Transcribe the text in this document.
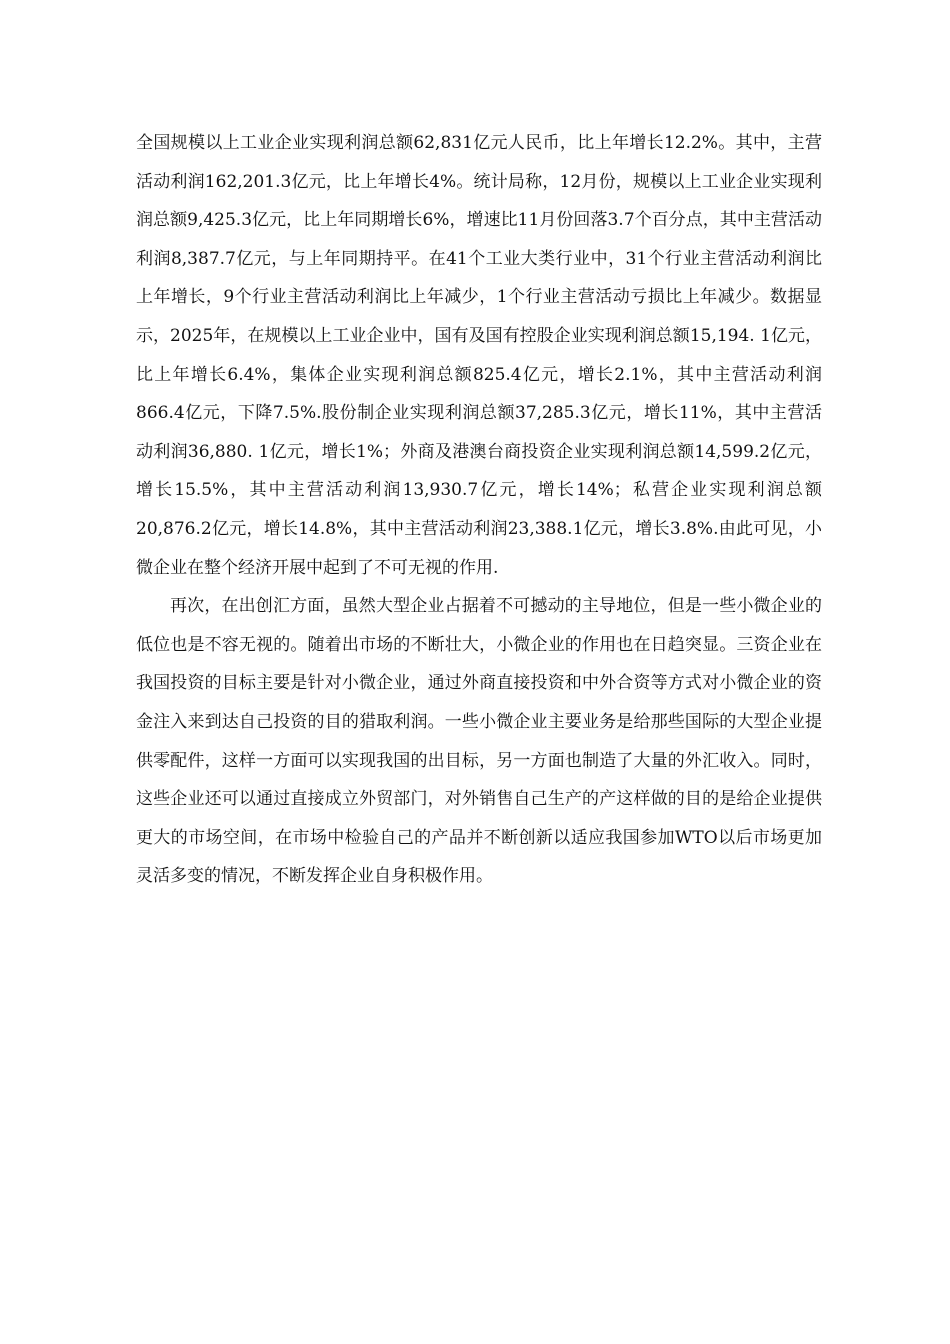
全国规模以上工业企业实现利润总额62,831亿元人民币，比上年增长12.2%。其中，主营活动利润162,201.3亿元，比上年增长4%。统计局称，12月份，规模以上工业企业实现利润总额9,425.3亿元，比上年同期增长6%，增速比11月份回落3.7个百分点，其中主营活动利润8,387.7亿元，与上年同期持平。在41个工业大类行业中，31个行业主营活动利润比上年增长，9个行业主营活动利润比上年减少，1个行业主营活动亏损比上年减少。数据显示，2025年，在规模以上工业企业中，国有及国有控股企业实现利润总额15,194. 1亿元，比上年增长6.4%，集体企业实现利润总额825.4亿元，增长2.1%，其中主营活动利润866.4亿元，下降7.5%.股份制企业实现利润总额37,285.3亿元，增长11%，其中主营活动利润36,880. 1亿元，增长1%；外商及港澳台商投资企业实现利润总额14,599.2亿元，增长15.5%，其中主营活动利润13,930.7亿元，增长14%；私营企业实现利润总额20,876.2亿元，增长14.8%，其中主营活动利润23,388.1亿元，增长3.8%.由此可见，小微企业在整个经济开展中起到了不可无视的作用.

再次，在出创汇方面，虽然大型企业占据着不可撼动的主导地位，但是一些小微企业的低位也是不容无视的。随着出市场的不断壮大，小微企业的作用也在日趋突显。三资企业在我国投资的目标主要是针对小微企业，通过外商直接投资和中外合资等方式对小微企业的资金注入来到达自己投资的目的猎取利润。一些小微企业主要业务是给那些国际的大型企业提供零配件，这样一方面可以实现我国的出目标，另一方面也制造了大量的外汇收入。同时，这些企业还可以通过直接成立外贸部门，对外销售自己生产的产这样做的目的是给企业提供更大的市场空间，在市场中检验自己的产品并不断创新以适应我国参加WTO以后市场更加灵活多变的情况，不断发挥企业自身积极作用。
